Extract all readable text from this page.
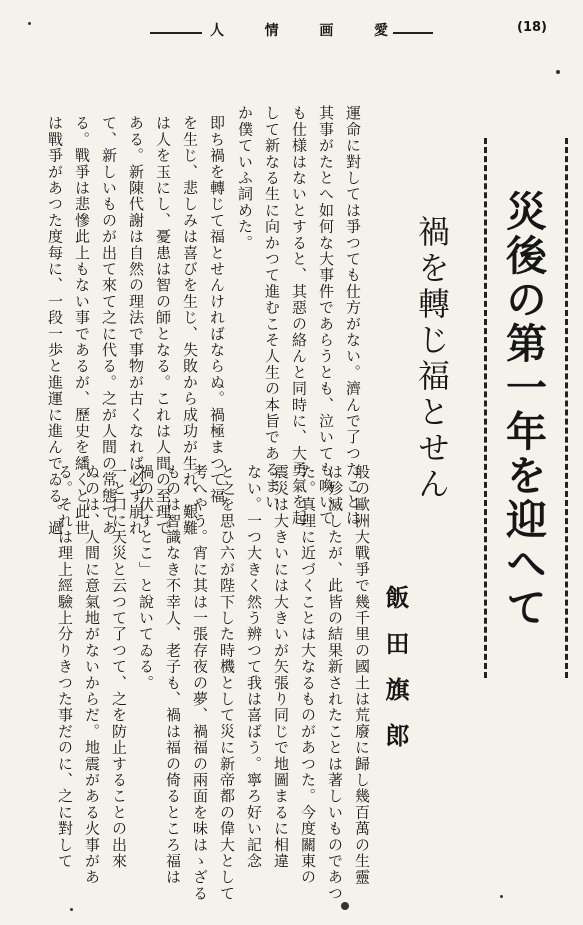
人	情	画	愛	(18)
災後の第一年を迎へて
禍を轉じ福とせん
飯田旗郎
運命に對しては爭つても仕方がない。濟んで了つたことは
其事がたとへ如何な大事件であらうとも、泣いても喚いて
も仕様はないとすると、其惡の絡んと同時に、大勇氣を起
して新なる生に向かつて進むこそ人生の本旨であるまい
か僕ていふ詞めた。
即ち禍を轉じて福とせんければならぬ。禍極まつて福
を生じ、悲しみは喜びを生じ、失敗から成功が生れ、艱難
は人を玉にし、憂患は智の師となる。これは人間の至理で
ある。新陳代謝は自然の理法で事物が古くなれば必ず崩れ
て、新しいものが出て來て之に代る。之が人間の常態であ
る。戰爭は悲慘此上もない事であるが、歷史を繙くと此世
は戰爭があつた度每に、一段一歩と進運に進んでゐる。過
般の歐洲大戰爭で幾千里の國土は荒廢に歸し幾百萬の生靈
は殄滅したが、此皆の結果新されたことは著しいものであつ
た。真理に近づくことは大なるものがあつた。今度關東の
震災は大きいには大きいが矢張り同じで地圖まるに相違
ない。一つ大きく然う辨つて我は喜ばう。寧ろ好い記念
と之を思ひ六が陛下した時機として災に新帝都の偉大として
考へやう。宵に其は一張存夜の夢、禍福の兩面を味はゝざる
ものは智識なき不幸人、老子も、禍は福の倚るところ福は
禍の伏すとこ」と說いてゐる。
一と口に天災と云つて了つて、之を防止することの出來
ぬのは、人間に意氣地がないからだ。地震がある火事があ
る。それは理上經驗上分りきつた事だのに、之に對して
